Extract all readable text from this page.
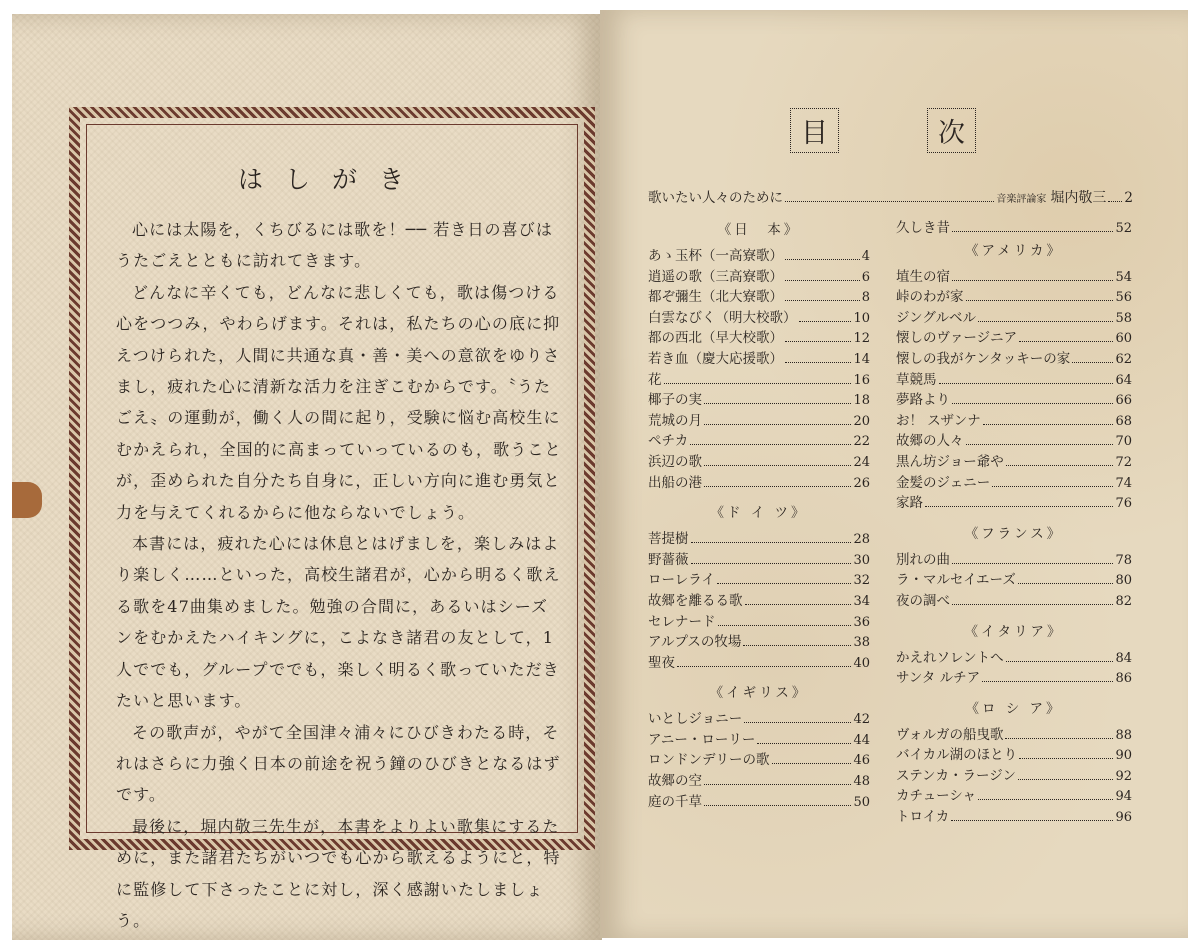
はしがき

心には太陽を，くちびるには歌を！── 若き日の喜びはうたごえとともに訪れてきます。

どんなに辛くても，どんなに悲しくても，歌は傷つける心をつつみ，やわらげます。それは，私たちの心の底に抑えつけられた，人間に共通な真・善・美への意欲をゆりさまし，疲れた心に清新な活力を注ぎこむからです。〝うたごえ〟の運動が，働く人の間に起り，受験に悩む高校生にむかえられ，全国的に高まっていっているのも，歌うことが，歪められた自分たち自身に，正しい方向に進む勇気と力を与えてくれるからに他ならないでしょう。

本書には，疲れた心には休息とはげましを，楽しみはより楽しく……といった，高校生諸君が，心から明るく歌える歌を47曲集めました。勉強の合間に，あるいはシーズンをむかえたハイキングに，こよなき諸君の友として，1人ででも，グループででも，楽しく明るく歌っていただきたいと思います。

その歌声が，やがて全国津々浦々にひびきわたる時，それはさらに力強く日本の前途を祝う鐘のひびきとなるはずです。

最後に，堀内敬三先生が，本書をよりよい歌集にするために，また諸君たちがいつでも心から歌えるようにと，特に監修して下さったことに対し，深く感謝いたしましょう。

目	次
歌いたい人々のために	音楽評論家 堀内敬三 2
《日　本》
あゝ玉杯（一高寮歌）	4
逍遥の歌（三高寮歌）	6
都ぞ彌生（北大寮歌）	8
白雲なびく（明大校歌）	10
都の西北（早大校歌）	12
若き血（慶大応援歌）	14
花	16
椰子の実	18
荒城の月	20
ペチカ	22
浜辺の歌	24
出船の港	26
《ド イ ツ》
菩提樹	28
野薔薇	30
ローレライ	32
故郷を離るる歌	34
セレナード	36
アルプスの牧場	38
聖夜	40
《イギリス》
いとしジョニー	42
アニー・ローリー	44
ロンドンデリーの歌	46
故郷の空	48
庭の千草	50
久しき昔	52
《アメリカ》
埴生の宿	54
峠のわが家	56
ジングルベル	58
懐しのヴァージニア	60
懐しの我がケンタッキーの家	62
草競馬	64
夢路より	66
お！ スザンナ	68
故郷の人々	70
黒ん坊ジョー爺や	72
金髪のジェニー	74
家路	76
《フランス》
別れの曲	78
ラ・マルセイエーズ	80
夜の調べ	82
《イタリア》
かえれソレントへ	84
サンタ ルチア	86
《ロ シ ア》
ヴォルガの船曳歌	88
バイカル湖のほとり	90
ステンカ・ラージン	92
カチューシャ	94
トロイカ	96
